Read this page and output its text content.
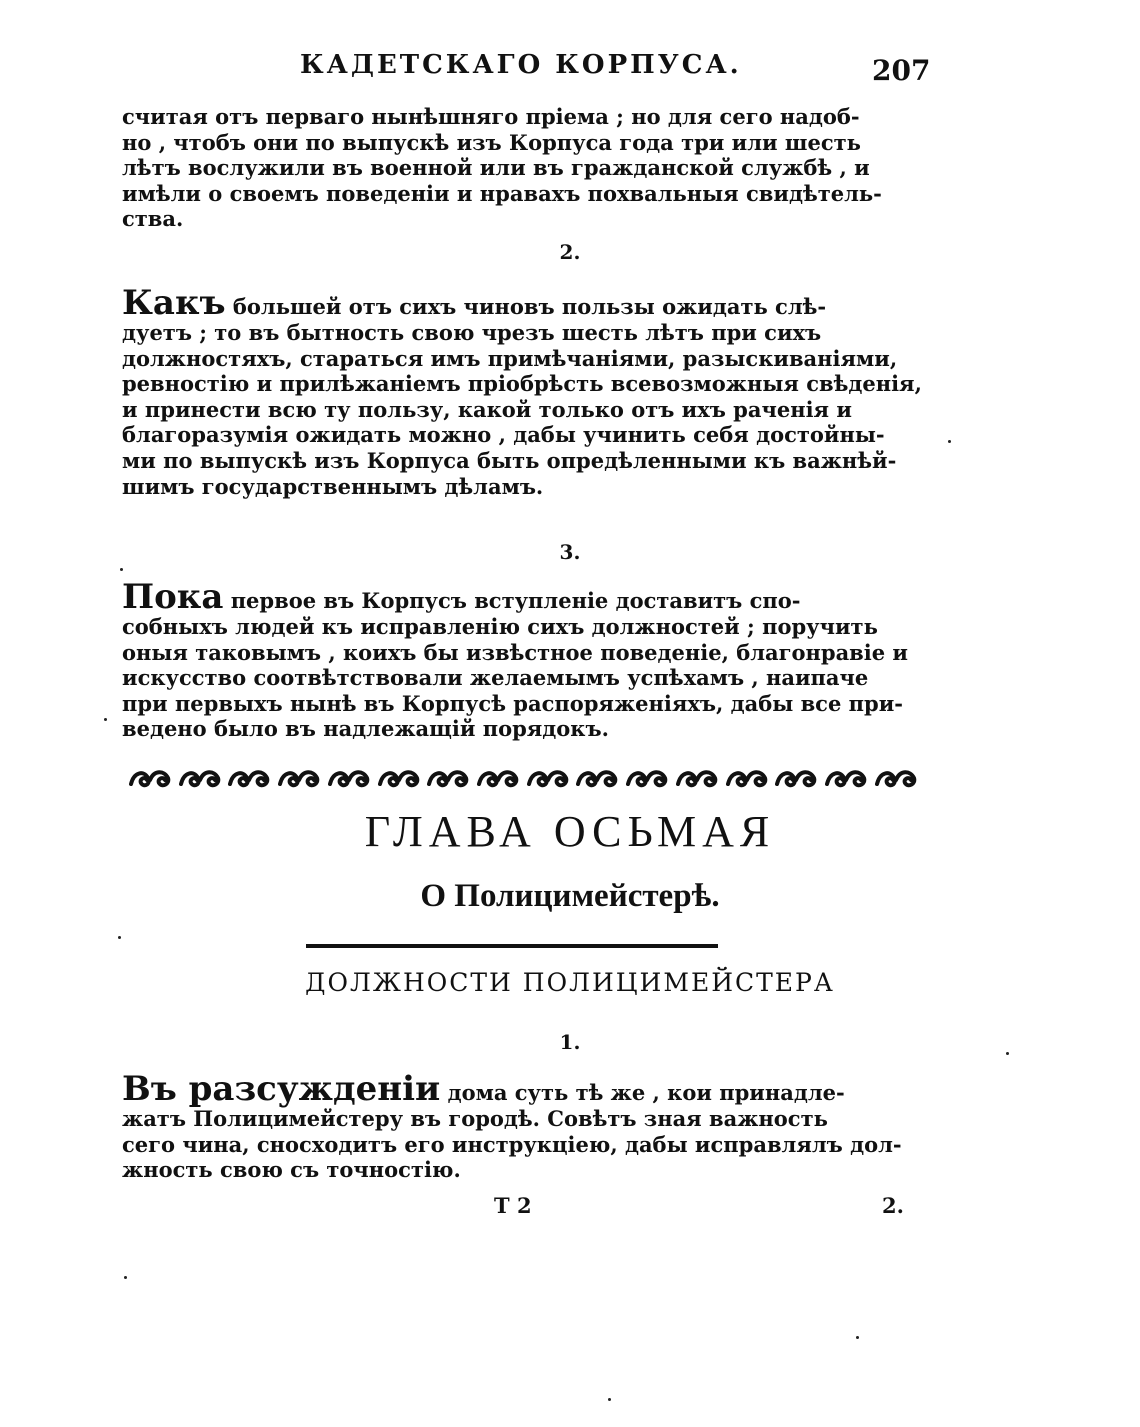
КАДЕТСКАГО КОРПУСА.	207
считая отъ перваго нынѣшняго прiема ; но для сего надоб-
но , чтобъ они по выпускѣ изъ Корпуса года три или шесть
лѣтъ вослужили въ военной или въ гражданской службѣ , и
имѣли о своемъ поведенiи и нравахъ похвальныя свидѣтель-
ства.
2.
Какъ большей отъ сихъ чиновъ пользы ожидать слѣ-
дуетъ ; то въ бытность свою чрезъ шесть лѣтъ при сихъ
должностяхъ, стараться имъ примѣчанiями, разыскиванiями,
ревностiю и прилѣжанiемъ прiобрѣсть всевозможныя свѣденiя,
и принести всю ту пользу, какой только отъ ихъ раченiя и
благоразумiя ожидать можно , дабы учинить себя достойны-
ми по выпускѣ изъ Корпуса быть опредѣленными къ важнѣй-
шимъ государственнымъ дѣламъ.
3.
Пока первое въ Корпусъ вступленiе доставитъ спо-
собныхъ людей къ исправленiю сихъ должностей ; поручить
оныя таковымъ , коихъ бы извѣстное поведенiе, благонравiе и
искусство соотвѣтствовали желаемымъ успѣхамъ , наипаче
при первыхъ нынѣ въ Корпусѣ распоряженiяхъ, дабы все при-
ведено было въ надлежащiй порядокъ.
ГЛАВА ОСЬМАЯ
О Полицимейстерѣ.
ДОЛЖНОСТИ ПОЛИЦИМЕЙСТЕРА
1.
Въ разсужденiи дома суть тѣ же , кои принадле-
жатъ Полицимейстеру въ городѣ. Совѣтъ зная важность
сего чина, сносходитъ его инструкцiею, дабы исправлялъ дол-
жность свою съ точностiю.
Т 2	2.
